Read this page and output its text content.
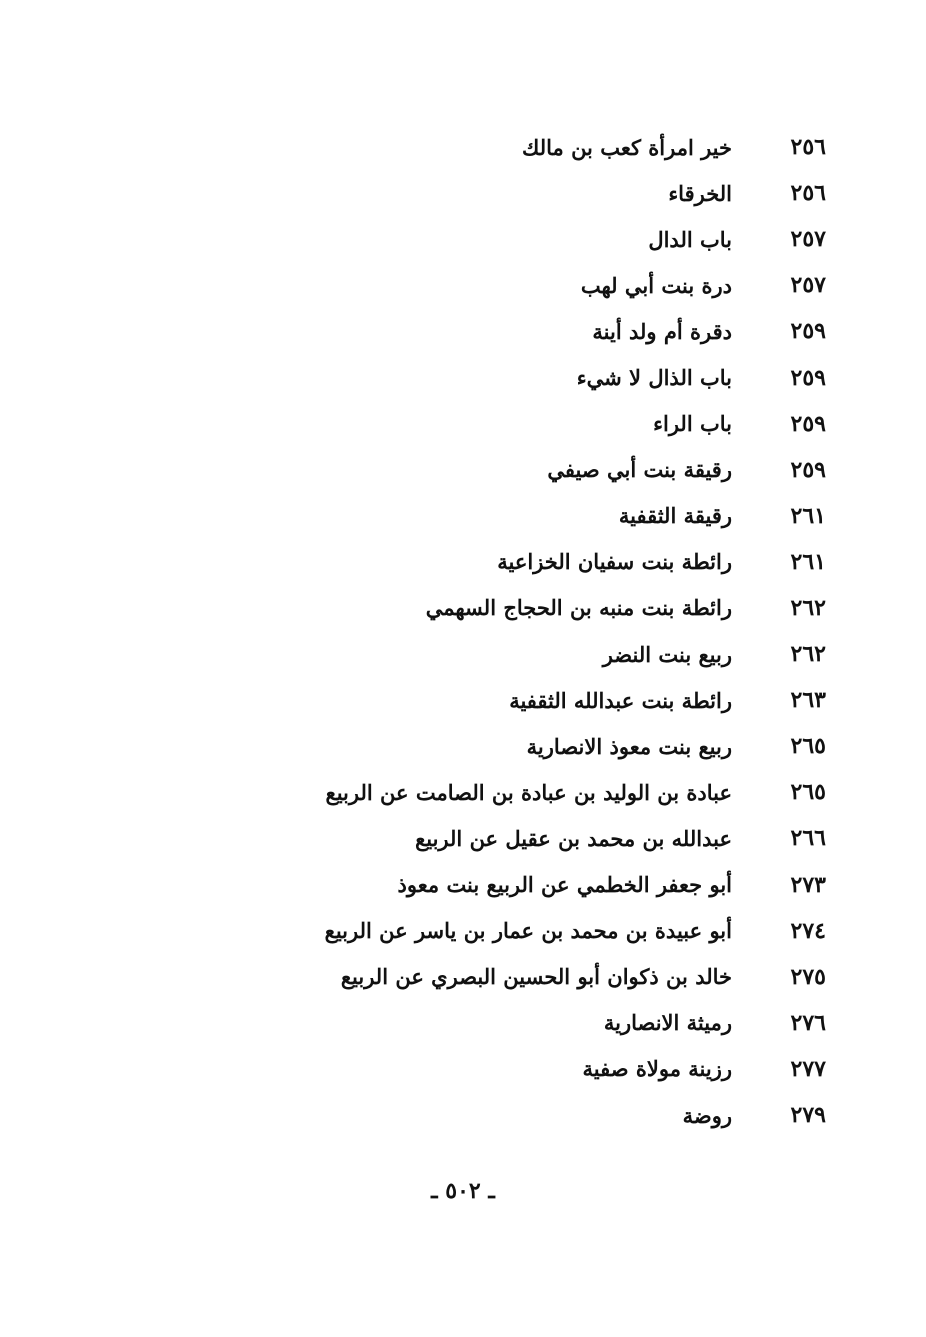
٢٥٦
خير امرأة كعب بن مالك
٢٥٦
الخرقاء
٢٥٧
باب الدال
٢٥٧
درة بنت أبي لهب
٢٥٩
دقرة أم ولد أينة
٢٥٩
باب الذال لا شيء
٢٥٩
باب الراء
٢٥٩
رقيقة بنت أبي صيفي
٢٦١
رقيقة الثقفية
٢٦١
رائطة بنت سفيان الخزاعية
٢٦٢
رائطة بنت منبه بن الحجاج السهمي
٢٦٢
ربيع بنت النضر
٢٦٣
رائطة بنت عبدالله الثقفية
٢٦٥
ربيع بنت معوذ الانصارية
٢٦٥
عبادة بن الوليد بن عبادة بن الصامت عن الربيع
٢٦٦
عبدالله بن محمد بن عقيل عن الربيع
٢٧٣
أبو جعفر الخطمي عن الربيع بنت معوذ
٢٧٤
أبو عبيدة بن محمد بن عمار بن ياسر عن الربيع
٢٧٥
خالد بن ذكوان أبو الحسين البصري عن الربيع
٢٧٦
رميثة الانصارية
٢٧٧
رزينة مولاة صفية
٢٧٩
روضة
ـ ٥٠٢ ـ
